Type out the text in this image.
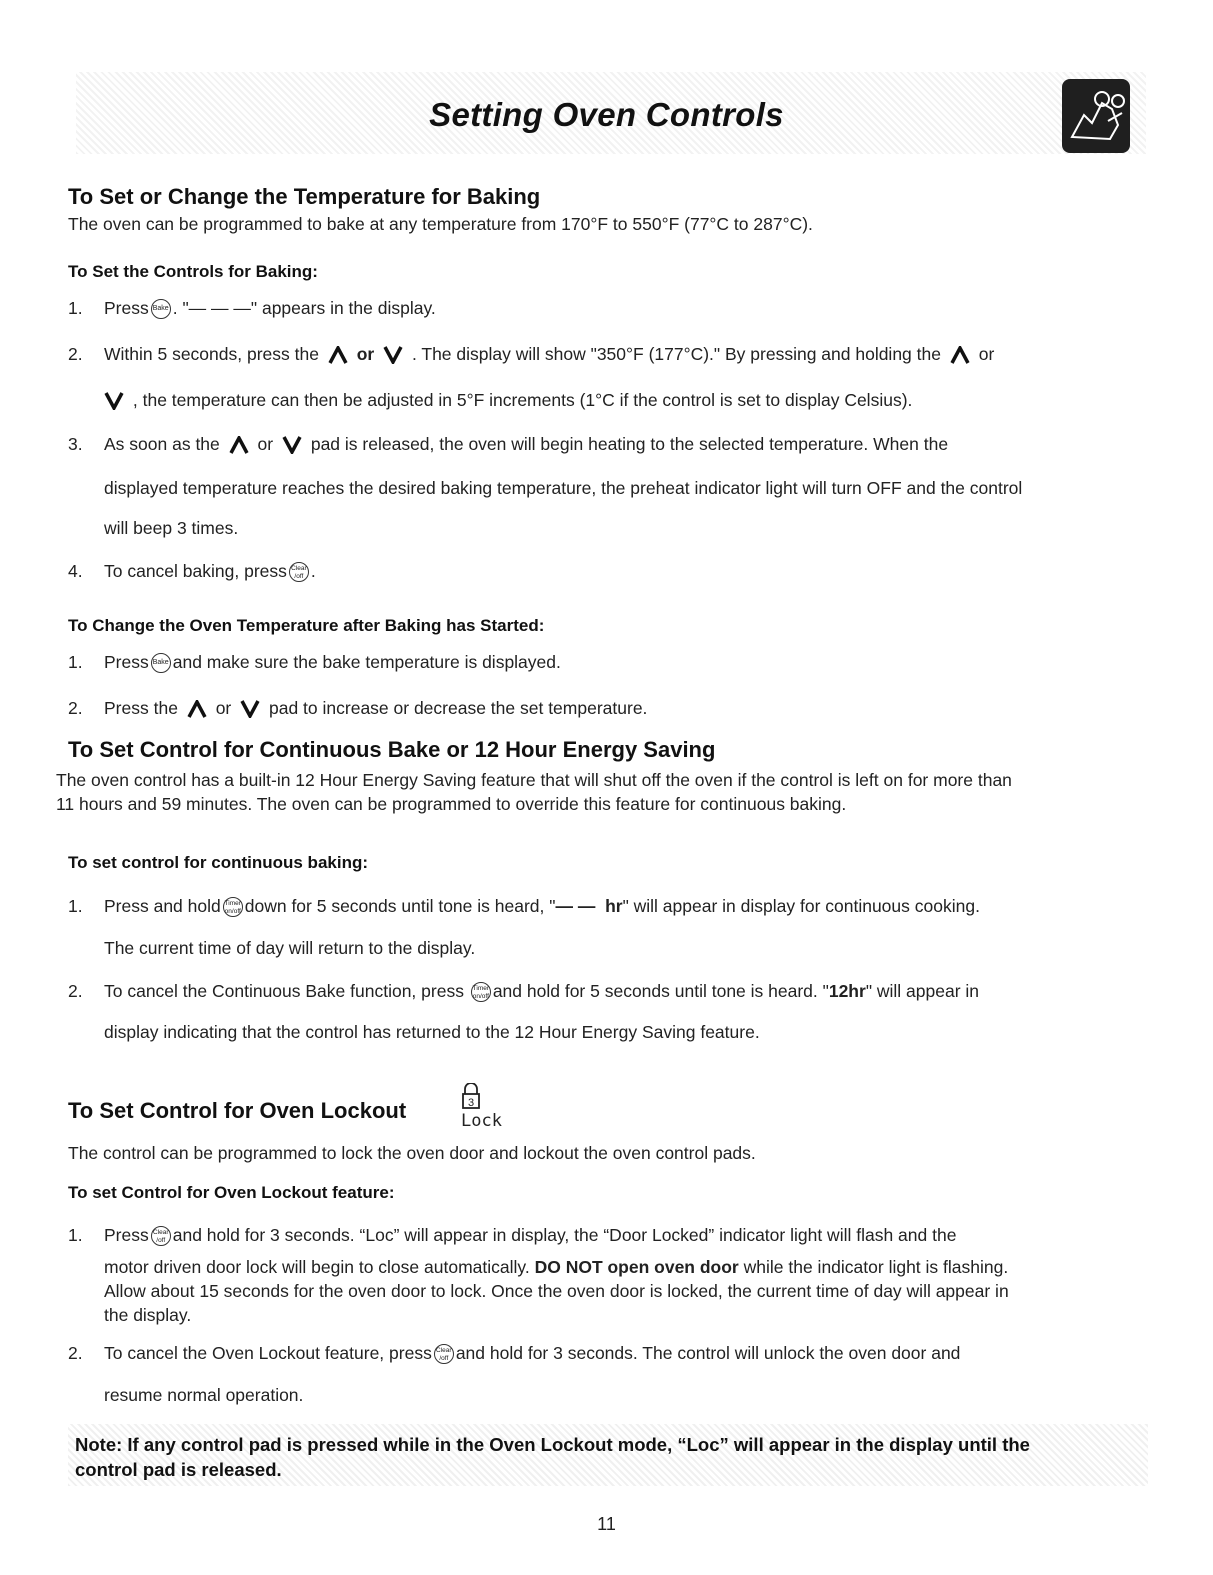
Setting Oven Controls
To Set or Change the Temperature for Baking
The oven can be programmed to bake at any temperature from 170°F to 550°F (77°C to 287°C).
To Set the Controls for Baking:
1. Press Bake . "— — —" appears in the display.
2. Within 5 seconds, press the or . The display will show "350°F (177°C)." By pressing and holding the or
, the temperature can then be adjusted in 5°F increments (1°C if the control is set to display Celsius).
3. As soon as the or pad is released, the oven will begin heating to the selected temperature. When the
displayed temperature reaches the desired baking temperature, the preheat indicator light will turn OFF and the control
will beep 3 times.
4. To cancel baking, press Clear
/off .
To Change the Oven Temperature after Baking has Started:
1. Press Bake and make sure the bake temperature is displayed.
2. Press the or pad to increase or decrease the set temperature.
To Set Control for Continuous Bake or 12 Hour Energy Saving
The oven control has a built-in 12 Hour Energy Saving feature that will shut off the oven if the control is left on for more than
11 hours and 59 minutes. The oven can be programmed to override this feature for continuous baking.
To set control for continuous baking:
1. Press and hold Timer
on/off down for 5 seconds until tone is heard, "— — hr" will appear in display for continuous cooking.
The current time of day will return to the display.
2. To cancel the Continuous Bake function, press Timer
on/off and hold for 5 seconds until tone is heard. "12hr" will appear in
display indicating that the control has returned to the 12 Hour Energy Saving feature.
To Set Control for Oven Lockout	3
Lock
The control can be programmed to lock the oven door and lockout the oven control pads.
To set Control for Oven Lockout feature:
1. Press Clear
/off and hold for 3 seconds. “Loc” will appear in display, the “Door Locked” indicator light will flash and the
motor driven door lock will begin to close automatically. DO NOT open oven door while the indicator light is flashing.
Allow about 15 seconds for the oven door to lock. Once the oven door is locked, the current time of day will appear in
the display.
2. To cancel the Oven Lockout feature, press Clear
/off and hold for 3 seconds. The control will unlock the oven door and
resume normal operation.
Note: If any control pad is pressed while in the Oven Lockout mode, “Loc” will appear in the display until the
control pad is released.
11
